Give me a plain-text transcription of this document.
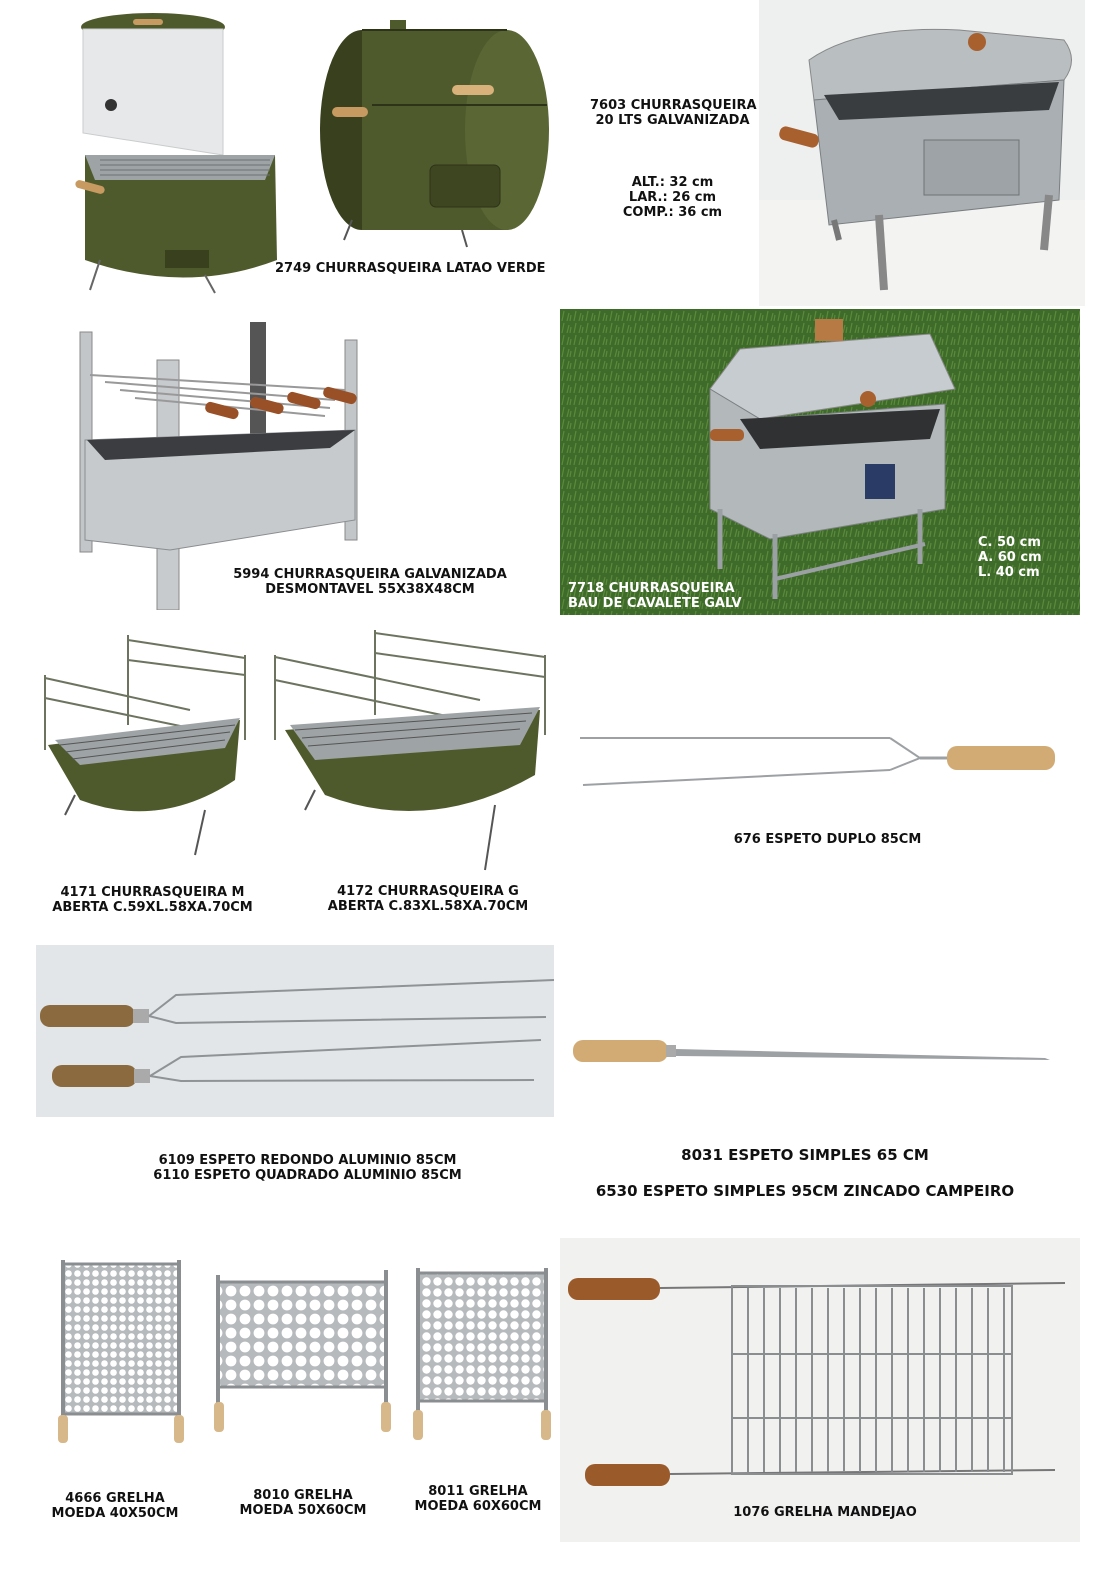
2749 CHURRASQUEIRA LATAO VERDE
7603 CHURRASQUEIRA
20 LTS GALVANIZADA
ALT.: 32 cm
LAR.: 26 cm
COMP.: 36 cm
5994 CHURRASQUEIRA GALVANIZADA
DESMONTAVEL 55X38X48CM	7718 CHURRASQUEIRA
BAU DE CAVALETE GALV
C. 50 cm
A. 60 cm
L. 40 cm
4171 CHURRASQUEIRA M
ABERTA C.59XL.58XA.70CM
4172 CHURRASQUEIRA G
ABERTA C.83XL.58XA.70CM
676 ESPETO DUPLO 85CM
6109 ESPETO REDONDO ALUMINIO 85CM
6110 ESPETO QUADRADO ALUMINIO 85CM
8031 ESPETO SIMPLES 65 CM
6530 ESPETO SIMPLES 95CM ZINCADO CAMPEIRO
4666 GRELHA
MOEDA 40X50CM
8010 GRELHA
MOEDA 50X60CM
8011 GRELHA
MOEDA 60X60CM	1076 GRELHA MANDEJAO
